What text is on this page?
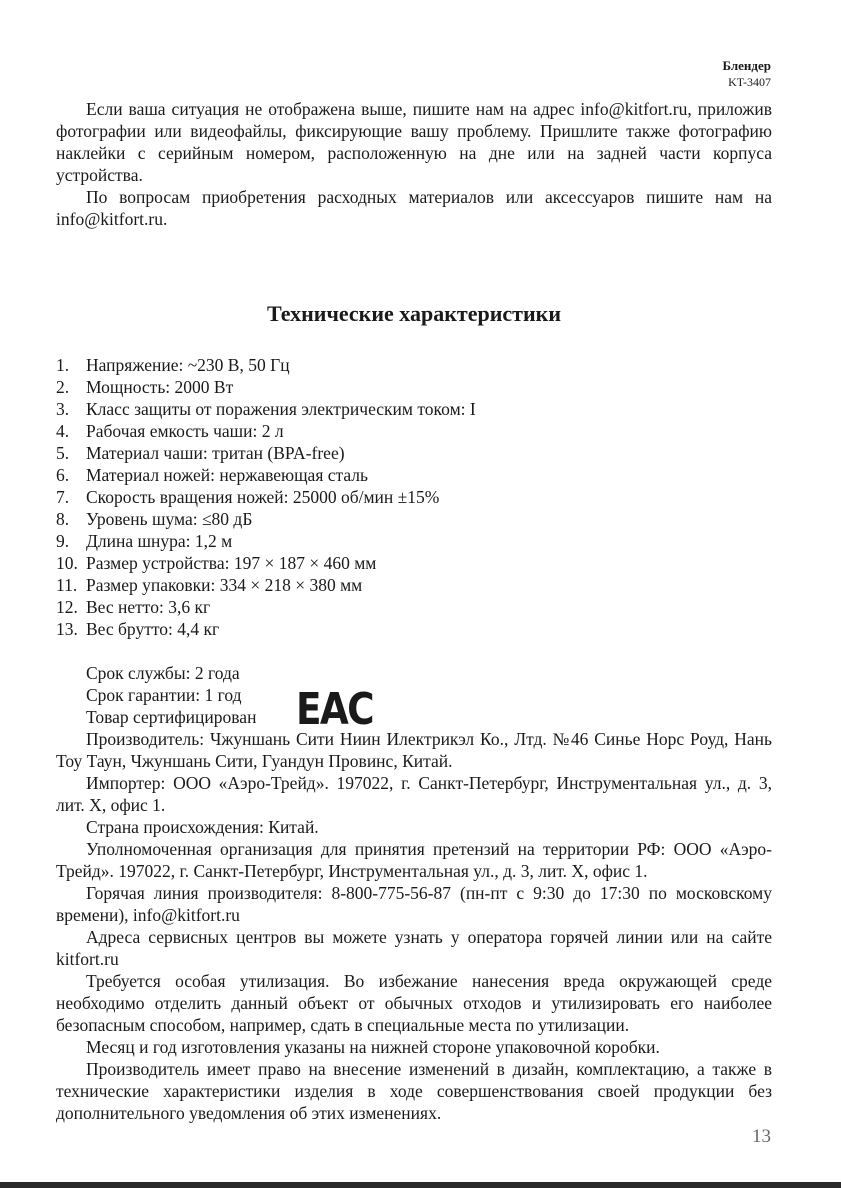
Блендер
KT-3407

Если ваша ситуация не отображена выше, пишите нам на адрес info@kitfort.ru, приложив фотографии или видеофайлы, фиксирующие вашу проблему. Пришлите также фотографию наклейки с серийным номером, расположенную на дне или на задней части корпуса устройства.

По вопросам приобретения расходных материалов или аксессуаров пишите нам на info@kitfort.ru.

Технические характеристики
1. Напряжение: ~230 В, 50 Гц
2. Мощность: 2000 Вт
3. Класс защиты от поражения электрическим током: I
4. Рабочая емкость чаши: 2 л
5. Материал чаши: тритан (BPA-free)
6. Материал ножей: нержавеющая сталь
7. Скорость вращения ножей: 25000 об/мин ±15%
8. Уровень шума: ≤80 дБ
9. Длина шнура: 1,2 м
10. Размер устройства: 197 × 187 × 460 мм
11. Размер упаковки: 334 × 218 × 380 мм
12. Вес нетто: 3,6 кг
13. Вес брутто: 4,4 кг

Срок службы: 2 года

Срок гарантии: 1 год

Товар сертифицирован EAC

Производитель: Чжуншань Сити Ниин Илектрикэл Ко., Лтд. №46 Синье Норс Роуд, Нань Тоу Таун, Чжуншань Сити, Гуандун Провинс, Китай.

Импортер: ООО «Аэро-Трейд». 197022, г. Санкт-Петербург, Инструментальная ул., д. 3, лит. Х, офис 1.

Страна происхождения: Китай.

Уполномоченная организация для принятия претензий на территории РФ: ООО «Аэро-Трейд». 197022, г. Санкт-Петербург, Инструментальная ул., д. 3, лит. Х, офис 1.

Горячая линия производителя: 8-800-775-56-87 (пн-пт с 9:30 до 17:30 по московскому времени), info@kitfort.ru

Адреса сервисных центров вы можете узнать у оператора горячей линии или на сайте kitfort.ru

Требуется особая утилизация. Во избежание нанесения вреда окружающей среде необходимо отделить данный объект от обычных отходов и утилизировать его наиболее безопасным способом, например, сдать в специальные места по утилизации.

Месяц и год изготовления указаны на нижней стороне упаковочной коробки.

Производитель имеет право на внесение изменений в дизайн, комплектацию, а также в технические характеристики изделия в ходе совершенствования своей продукции без дополнительного уведомления об этих изменениях.

13
